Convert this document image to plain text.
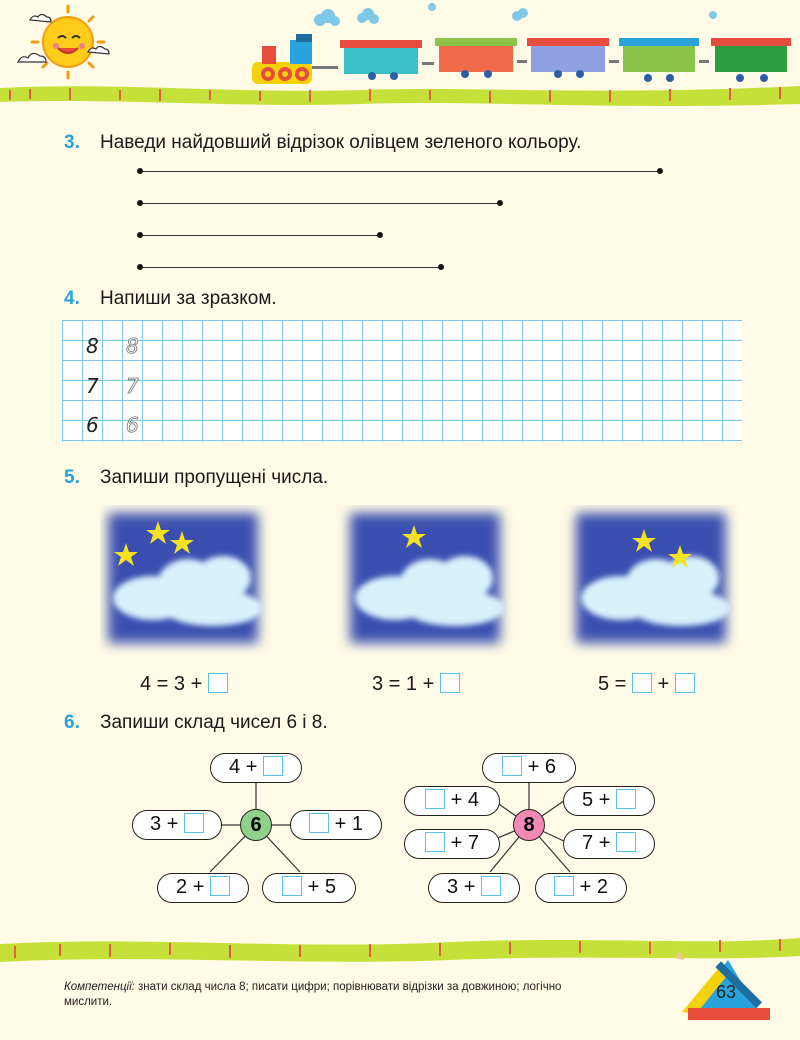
3. Наведи найдовший відрізок олівцем зеленого кольору.
4. Напиши за зразком.
8 8
7 7
6 6
5. Запиши пропущені числа.
4 = 3 +	3 = 1 +	5 = +
6. Запиши склад чисел 6 і 8.
4 +
3 +	+ 1
2 +	+ 5
6
+ 6
+ 4	5 +
+ 7	7 +
3 +	+ 2
8
Компетенції: знати склад числа 8; писати цифри; порівнювати відрізки за довжиною; логічно мислити.	63
